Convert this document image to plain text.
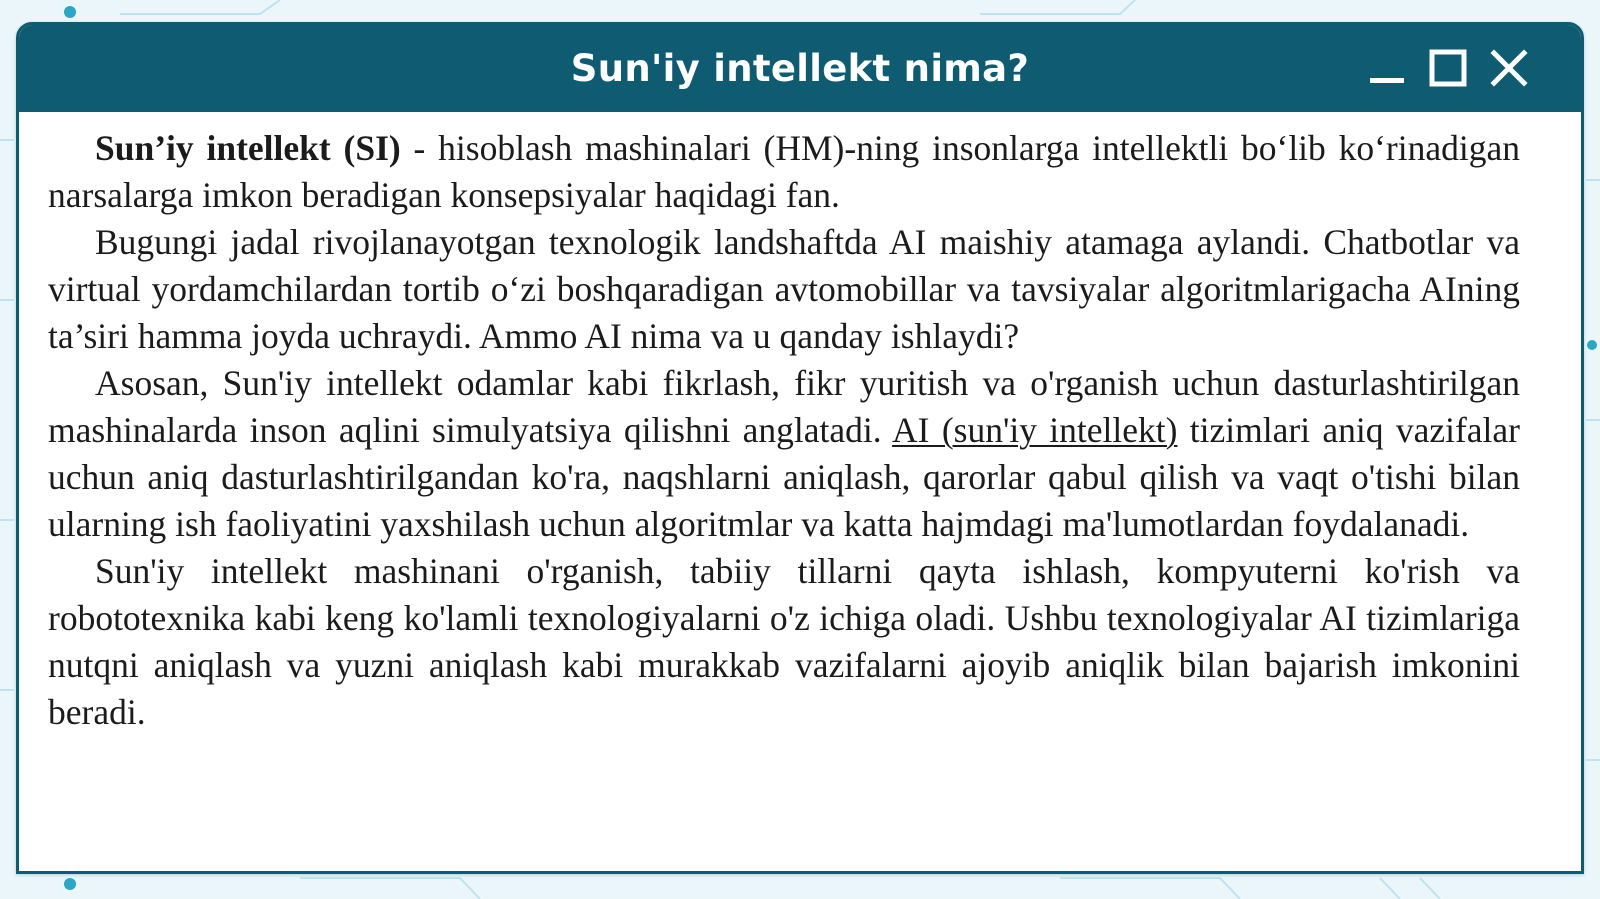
Sun'iy intellekt nima?

Sun’iy intellekt (SI) - hisoblash mashinalari (HM)-ning insonlarga intellektli bo‘lib ko‘rinadigan narsalarga imkon beradigan konsepsiyalar haqidagi fan.

Bugungi jadal rivojlanayotgan texnologik landshaftda AI maishiy atamaga aylandi. Chatbotlar va virtual yordamchilardan tortib o‘zi boshqaradigan avtomobillar va tavsiyalar algoritmlarigacha AIning ta’siri hamma joyda uchraydi. Ammo AI nima va u qanday ishlaydi?

Asosan, Sun'iy intellekt odamlar kabi fikrlash, fikr yuritish va o'rganish uchun dasturlashtirilgan mashinalarda inson aqlini simulyatsiya qilishni anglatadi. AI (sun'iy intellekt) tizimlari aniq vazifalar uchun aniq dasturlashtirilgandan ko'ra, naqshlarni aniqlash, qarorlar qabul qilish va vaqt o'tishi bilan ularning ish faoliyatini yaxshilash uchun algoritmlar va katta hajmdagi ma'lumotlardan foydalanadi.

Sun'iy intellekt mashinani o'rganish, tabiiy tillarni qayta ishlash, kompyuterni ko'rish va robototexnika kabi keng ko'lamli texnologiyalarni o'z ichiga oladi. Ushbu texnologiyalar AI tizimlariga nutqni aniqlash va yuzni aniqlash kabi murakkab vazifalarni ajoyib aniqlik bilan bajarish imkonini beradi.
